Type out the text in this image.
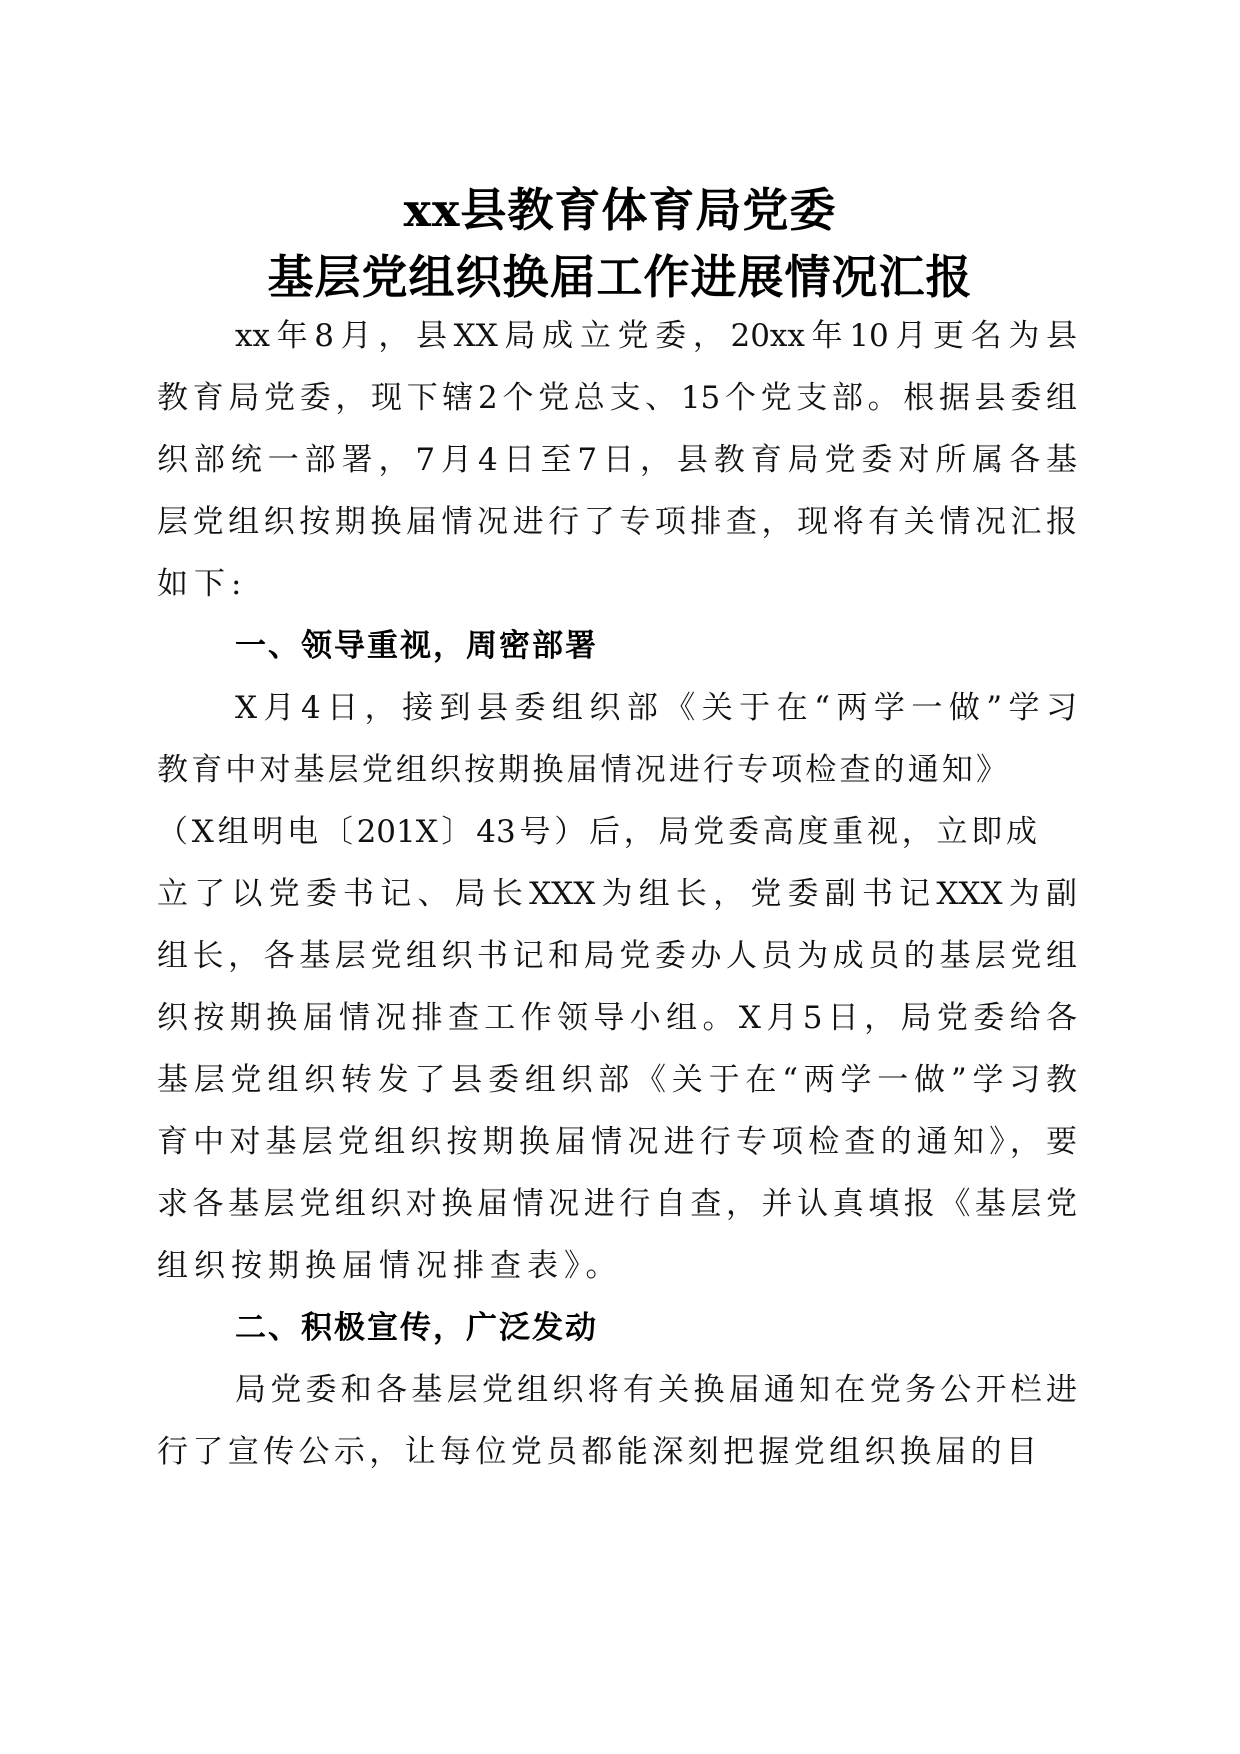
xx县教育体育局党委
基层党组织换届工作进展情况汇报
xx年8月，县XX局成立党委，20xx年10月更名为县
教育局党委，现下辖2个党总支、15个党支部。根据县委组
织部统一部署，7月4日至7日，县教育局党委对所属各基
层党组织按期换届情况进行了专项排查，现将有关情况汇报
如下:
一、领导重视，周密部署
X月4日，接到县委组织部《关于在“两学一做”学习
教育中对基层党组织按期换届情况进行专项检查的通知》
（X组明电〔201X〕43号）后，局党委高度重视，立即成
立了以党委书记、局长XXX为组长，党委副书记XXX为副
组长，各基层党组织书记和局党委办人员为成员的基层党组
织按期换届情况排查工作领导小组。X月5日，局党委给各
基层党组织转发了县委组织部《关于在“两学一做”学习教
育中对基层党组织按期换届情况进行专项检查的通知》，要
求各基层党组织对换届情况进行自查，并认真填报《基层党
组织按期换届情况排查表》。
二、积极宣传，广泛发动
局党委和各基层党组织将有关换届通知在党务公开栏进
行了宣传公示，让每位党员都能深刻把握党组织换届的目
